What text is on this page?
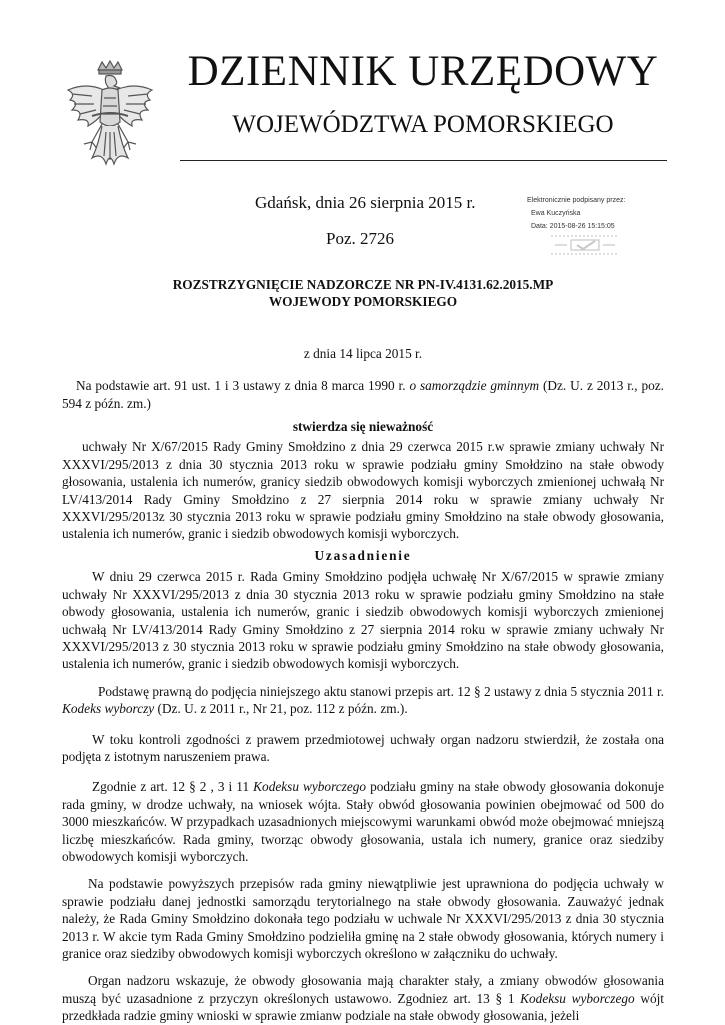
DZIENNIK URZĘDOWY
WOJEWÓDZTWA POMORSKIEGO
Gdańsk, dnia 26 sierpnia 2015 r.
Poz. 2726
Elektronicznie podpisany przez:
Ewa Kuczyńska
Data: 2015-08-26 15:15:05

ROZSTRZYGNIĘCIE NADZORCZE NR PN-IV.4131.62.2015.MP

WOJEWODY POMORSKIEGO

z dnia 14 lipca 2015 r.

Na podstawie art. 91 ust. 1 i 3 ustawy z dnia 8 marca 1990 r. o samorządzie gminnym (Dz. U. z 2013 r., poz. 594 z późn. zm.)

stwierdza się nieważność

uchwały Nr X/67/2015 Rady Gminy Smołdzino z dnia 29 czerwca 2015 r.w sprawie zmiany uchwały Nr XXXVI/295/2013 z dnia 30 stycznia 2013 roku w sprawie podziału gminy Smołdzino na stałe obwody głosowania, ustalenia ich numerów, granicy siedzib obwodowych komisji wyborczych zmienionej uchwałą Nr LV/413/2014 Rady Gminy Smołdzino z 27 sierpnia 2014 roku w sprawie zmiany uchwały Nr XXXVI/295/2013z 30 stycznia 2013 roku w sprawie podziału gminy Smołdzino na stałe obwody głosowania, ustalenia ich numerów, granic i siedzib obwodowych komisji wyborczych.

Uzasadnienie

W dniu 29 czerwca 2015 r. Rada Gminy Smołdzino podjęła uchwałę Nr X/67/2015 w sprawie zmiany uchwały Nr XXXVI/295/2013 z dnia 30 stycznia 2013 roku w sprawie podziału gminy Smołdzino na stałe obwody głosowania, ustalenia ich numerów, granic i siedzib obwodowych komisji wyborczych zmienionej uchwałą Nr LV/413/2014 Rady Gminy Smołdzino z 27 sierpnia 2014 roku w sprawie zmiany uchwały Nr XXXVI/295/2013 z 30 stycznia 2013 roku w sprawie podziału gminy Smołdzino na stałe obwody głosowania, ustalenia ich numerów, granic i siedzib obwodowych komisji wyborczych.

Podstawę prawną do podjęcia niniejszego aktu stanowi przepis art. 12 § 2 ustawy z dnia 5 stycznia 2011 r. Kodeks wyborczy (Dz. U. z 2011 r., Nr 21, poz. 112 z późn. zm.).

W toku kontroli zgodności z prawem przedmiotowej uchwały organ nadzoru stwierdził, że została ona podjęta z istotnym naruszeniem prawa.

Zgodnie z art. 12 § 2 , 3 i 11 Kodeksu wyborczego podziału gminy na stałe obwody głosowania dokonuje rada gminy, w drodze uchwały, na wniosek wójta. Stały obwód głosowania powinien obejmować od 500 do 3000 mieszkańców. W przypadkach uzasadnionych miejscowymi warunkami obwód może obejmować mniejszą liczbę mieszkańców. Rada gminy, tworząc obwody głosowania, ustala ich numery, granice oraz siedziby obwodowych komisji wyborczych.

Na podstawie powyższych przepisów rada gminy niewątpliwie jest uprawniona do podjęcia uchwały w sprawie podziału danej jednostki samorządu terytorialnego na stałe obwody głosowania. Zauważyć jednak należy, że Rada Gminy Smołdzino dokonała tego podziału w uchwale Nr XXXVI/295/2013 z dnia 30 stycznia 2013 r. W akcie tym Rada Gminy Smołdzino podzieliła gminę na 2 stałe obwody głosowania, których numery i granice oraz siedziby obwodowych komisji wyborczych określono w załączniku do uchwały.

Organ nadzoru wskazuje, że obwody głosowania mają charakter stały, a zmiany obwodów głosowania muszą być uzasadnione z przyczyn określonych ustawowo. Zgodniez art. 13 § 1 Kodeksu wyborczego wójt przedkłada radzie gminy wnioski w sprawie zmianw podziale na stałe obwody głosowania, jeżeli
